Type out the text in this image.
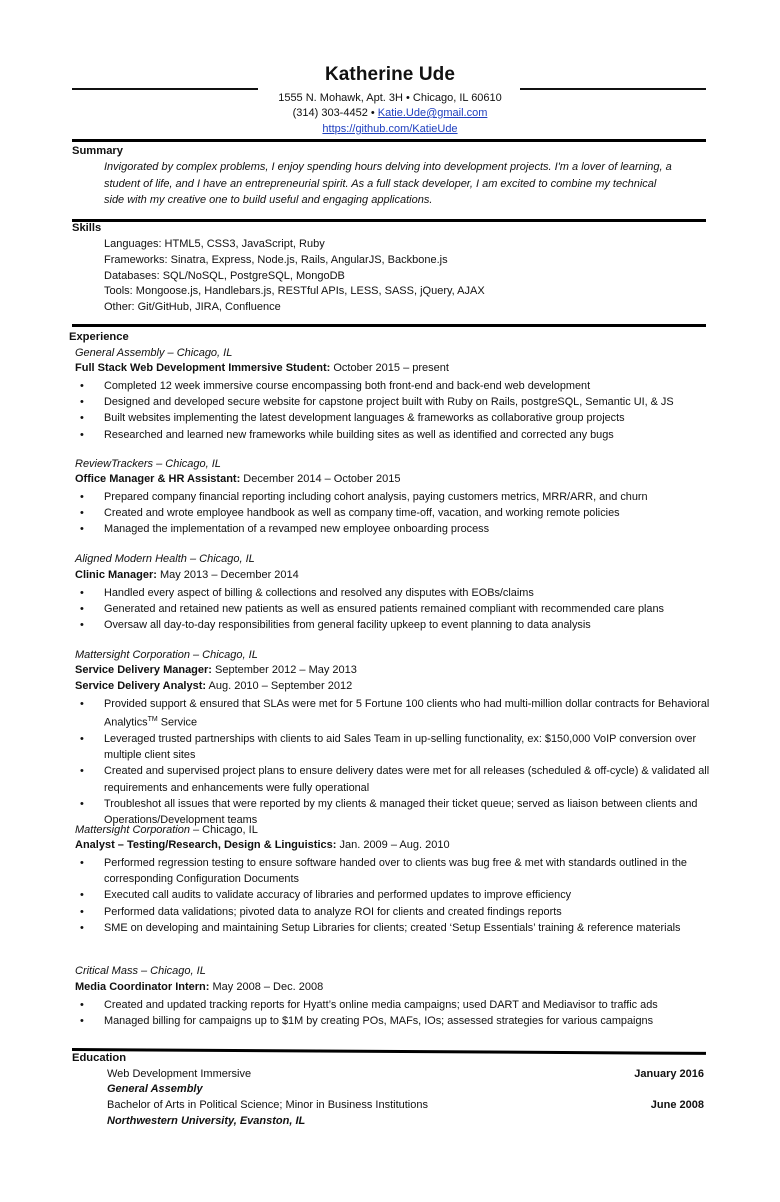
Katherine Ude
1555 N. Mohawk, Apt. 3H • Chicago, IL 60610
(314) 303-4452 • Katie.Ude@gmail.com
https://github.com/KatieUde
Summary
Invigorated by complex problems, I enjoy spending hours delving into development projects. I'm a lover of learning, a
student of life, and I have an entrepreneurial spirit. As a full stack developer, I am excited to combine my technical
side with my creative one to build useful and engaging applications.
Skills
Languages: HTML5, CSS3, JavaScript, Ruby
Frameworks: Sinatra, Express, Node.js, Rails, AngularJS, Backbone.js
Databases: SQL/NoSQL, PostgreSQL, MongoDB
Tools: Mongoose.js, Handlebars.js, RESTful APIs, LESS, SASS, jQuery, AJAX
Other: Git/GitHub, JIRA, Confluence
Experience
General Assembly – Chicago, IL
Full Stack Web Development Immersive Student: October 2015 – present
• Completed 12 week immersive course encompassing both front-end and back-end web development
• Designed and developed secure website for capstone project built with Ruby on Rails, postgreSQL, Semantic UI, & JS
• Built websites implementing the latest development languages & frameworks as collaborative group projects
• Researched and learned new frameworks while building sites as well as identified and corrected any bugs
ReviewTrackers – Chicago, IL
Office Manager & HR Assistant: December 2014 – October 2015
• Prepared company financial reporting including cohort analysis, paying customers metrics, MRR/ARR, and churn
• Created and wrote employee handbook as well as company time-off, vacation, and working remote policies
• Managed the implementation of a revamped new employee onboarding process
Aligned Modern Health – Chicago, IL
Clinic Manager: May 2013 – December 2014
• Handled every aspect of billing & collections and resolved any disputes with EOBs/claims
• Generated and retained new patients as well as ensured patients remained compliant with recommended care plans
• Oversaw all day-to-day responsibilities from general facility upkeep to event planning to data analysis
Mattersight Corporation – Chicago, IL
Service Delivery Manager: September 2012 – May 2013
Service Delivery Analyst: Aug. 2010 – September 2012
• Provided support & ensured that SLAs were met for 5 Fortune 100 clients who had multi-million dollar contracts for Behavioral Analytics™ Service
• Leveraged trusted partnerships with clients to aid Sales Team in up-selling functionality, ex: $150,000 VoIP conversion over multiple client sites
• Created and supervised project plans to ensure delivery dates were met for all releases (scheduled & off-cycle) & validated all requirements and enhancements were fully operational
• Troubleshot all issues that were reported by my clients & managed their ticket queue; served as liaison between clients and Operations/Development teams
Mattersight Corporation – Chicago, IL
Analyst – Testing/Research, Design & Linguistics: Jan. 2009 – Aug. 2010
• Performed regression testing to ensure software handed over to clients was bug free & met with standards outlined in the corresponding Configuration Documents
• Executed call audits to validate accuracy of libraries and performed updates to improve efficiency
• Performed data validations; pivoted data to analyze ROI for clients and created findings reports
• SME on developing and maintaining Setup Libraries for clients; created ‘Setup Essentials’ training & reference materials
Critical Mass – Chicago, IL
Media Coordinator Intern: May 2008 – Dec. 2008
• Created and updated tracking reports for Hyatt’s online media campaigns; used DART and Mediavisor to traffic ads
• Managed billing for campaigns up to $1M by creating POs, MAFs, IOs; assessed strategies for various campaigns
Education
Web Development Immersive	January 2016
General Assembly
Bachelor of Arts in Political Science; Minor in Business Institutions	June 2008
Northwestern University, Evanston, IL
